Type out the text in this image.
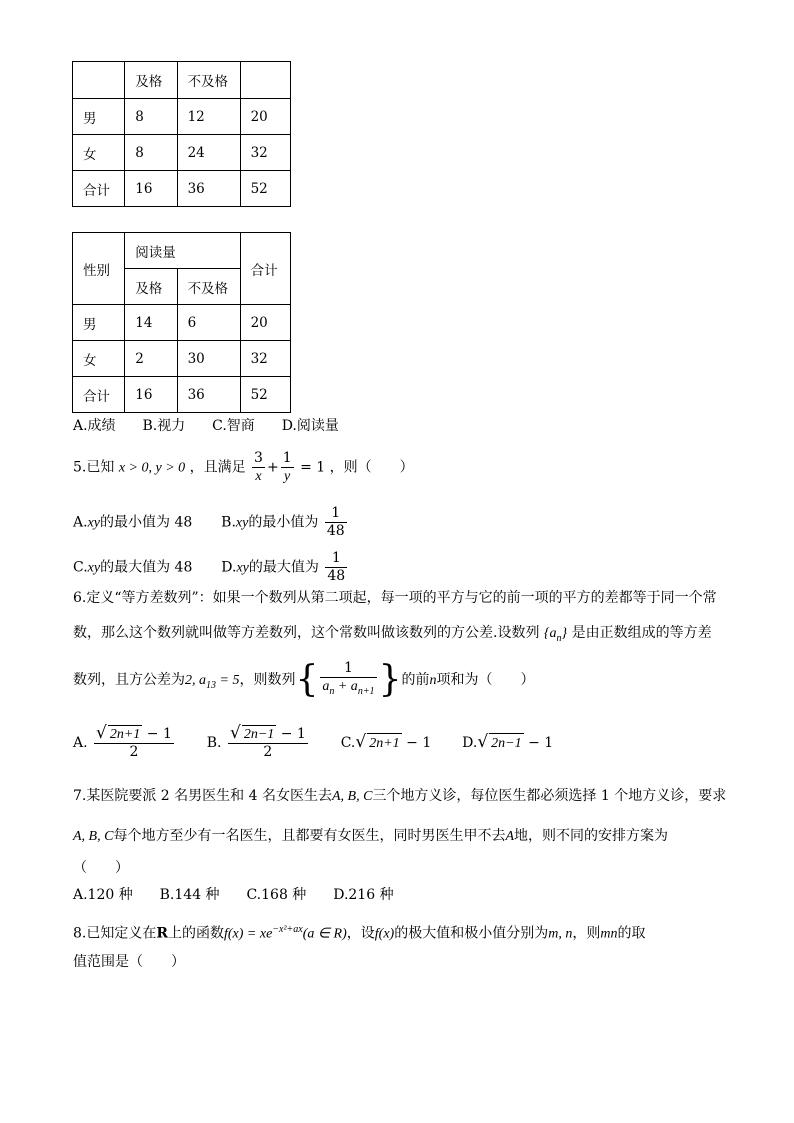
	及格	不及格	
男	8	12	20
女	8	24	32
合计	16	36	52
性别	阅读量		合计
	及格	不及格	
男	14	6	20
女	2	30	32
合计	16	36	52
A.成绩 B.视力 C.智商 D.阅读量
5.已知 x > 0, y > 0 ，且满足 $\frac{3}{x} + \frac{1}{y} = 1$ ，则（　　）
A.xy的最小值为 48 B.xy的最小值为 $\frac{1}{48}$
C.xy的最大值为 48 D.xy的最大值为 $\frac{1}{48}$
6.定义“等方差数列”：如果一个数列从第二项起，每一项的平方与它的前一项的平方的差都等于同一个常
数，那么这个数列就叫做等方差数列，这个常数叫做该数列的方公差.设数列 $\{a_n\}$ 是由正数组成的等方差
数列，且方公差为2, $a_{13} = 5$，则数列{ $\frac{1}{a_n + a_{n+1}}$ }的前n项和为（　　）
A. $\frac{√ 2n+1 - 1}{2} B$. $\frac{√ 2n-1 - 1}{2} C.√$ 2n+1 − 1 D.√ 2n−1 − 1
7.某医院要派 2 名男医生和 4 名女医生去A, B, C三个地方义诊，每位医生都必须选择 1 个地方义诊，要求
A, B, C每个地方至少有一名医生，且都要有女医生，同时男医生甲不去A地，则不同的安排方案为
（　　）
A.120 种 B.144 种 C.168 种 D.216 种
8.已知定义在R上的函数$f(x) = xe^{-x^2+ax}(a$ ∈ R)，设f(x)的极大值和极小值分别为m, n，则mn的取
值范围是（　　）
